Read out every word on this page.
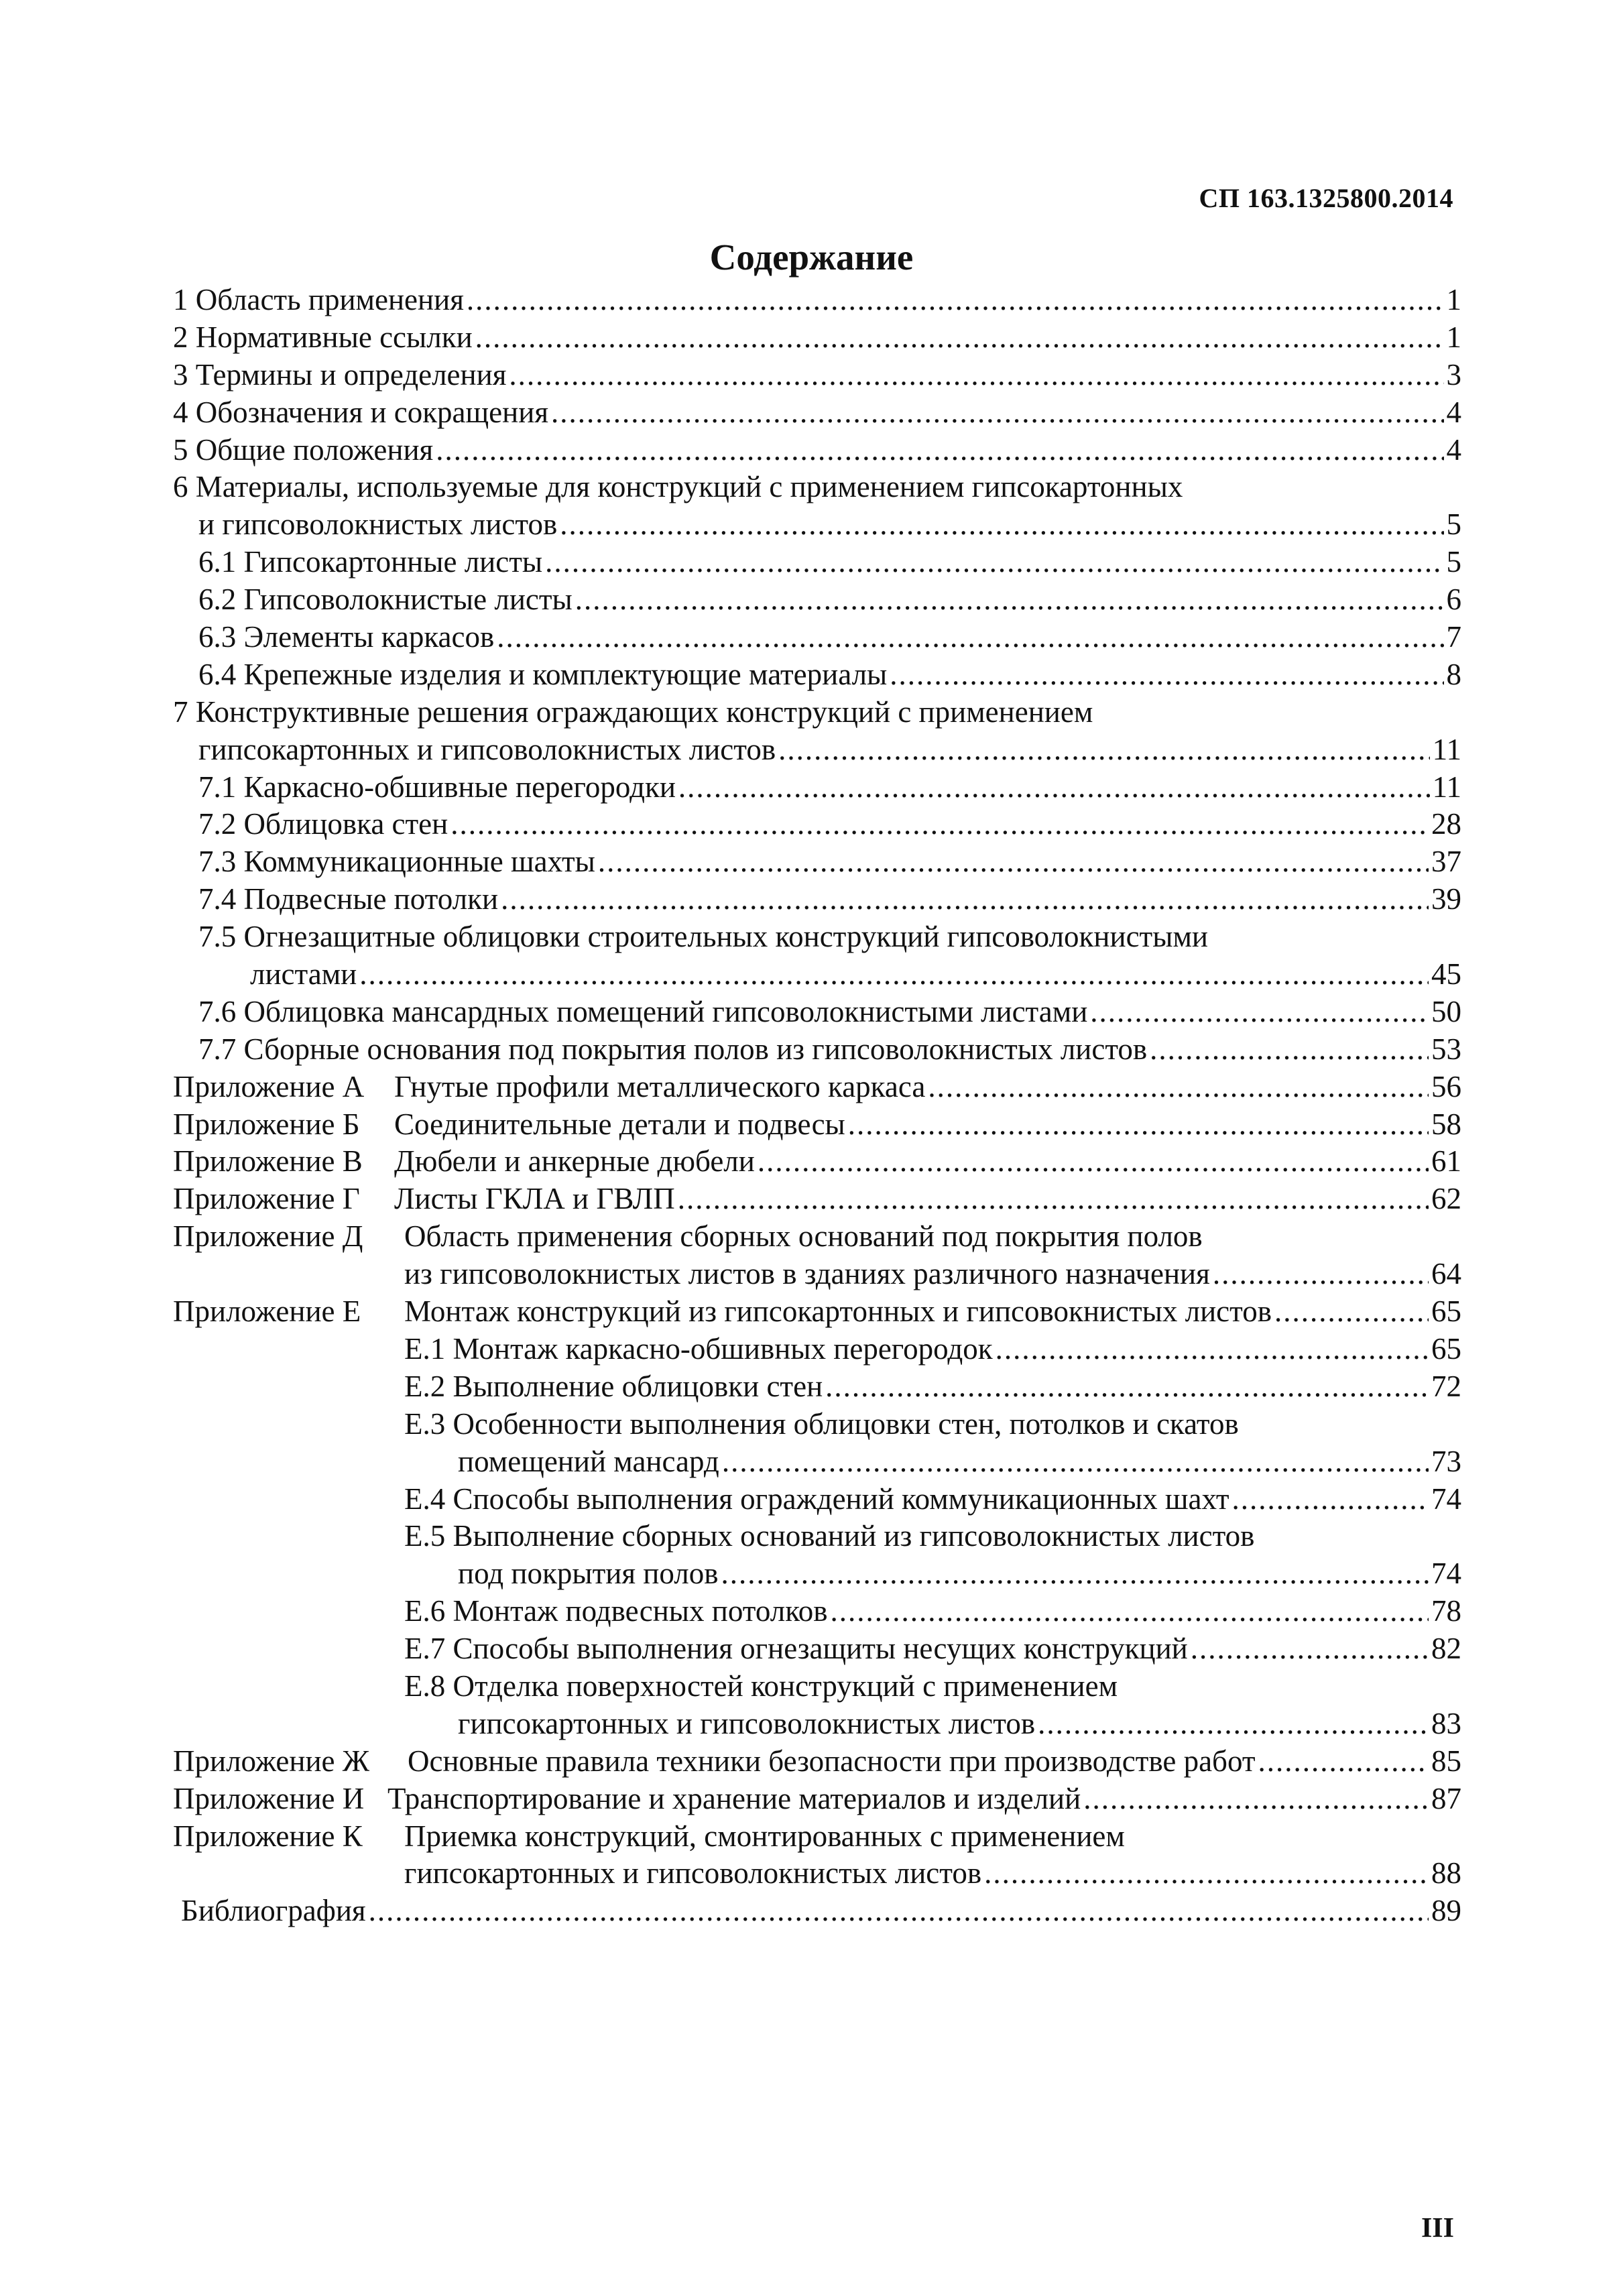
СП 163.1325800.2014
Содержание
1 Область применения .....	1
2 Нормативные ссылки .....	1
3 Термины и определения .....	3
4 Обозначения и сокращения .....	4
5 Общие положения .....	4
6 Материалы, используемые для конструкций с применением гипсокартонных
и гипсоволокнистых листов .....	5
6.1 Гипсокартонные листы .....	5
6.2 Гипсоволокнистые листы .....	6
6.3 Элементы каркасов .....	7
6.4 Крепежные изделия и комплектующие материалы .....	8
7 Конструктивные решения ограждающих конструкций с применением
гипсокартонных и гипсоволокнистых листов .....	11
7.1 Каркасно-обшивные перегородки .....	11
7.2 Облицовка стен .....	28
7.3 Коммуникационные шахты .....	37
7.4 Подвесные потолки .....	39
7.5 Огнезащитные облицовки строительных конструкций гипсоволокнистыми
листами .....	45
7.6 Облицовка мансардных помещений гипсоволокнистыми листами .....	50
7.7 Сборные основания под покрытия полов из гипсоволокнистых листов .....	53
Приложение А Гнутые профили металлического каркаса .....	56
Приложение Б	Соединительные детали и подвесы .....	58
Приложение В	Дюбели и анкерные дюбели .....	61
Приложение Г	Листы ГКЛА и ГВЛП .....	62
Приложение Д Область применения сборных оснований под покрытия полов
из гипсоволокнистых листов в зданиях различного назначения .....	64
Приложение Е	Монтаж конструкций из гипсокартонных и гипсовокнистых листов .....	65
Е.1 Монтаж каркасно-обшивных перегородок .....	65
Е.2 Выполнение облицовки стен .....	72
Е.3 Особенности выполнения облицовки стен, потолков и скатов
помещений мансард .....	73
Е.4 Способы выполнения ограждений коммуникационных шахт .....	74
Е.5 Выполнение сборных оснований из гипсоволокнистых листов
под покрытия полов .....	74
Е.6 Монтаж подвесных потолков .....	78
Е.7 Способы выполнения огнезащиты несущих конструкций .....	82
Е.8 Отделка поверхностей конструкций с применением
гипсокартонных и гипсоволокнистых листов .....	83
Приложение Ж	Основные правила техники безопасности при производстве работ .....	85
Приложение И Транспортирование и хранение материалов и изделий .....	87
Приложение К Приемка конструкций, смонтированных с применением
гипсокартонных и гипсоволокнистых листов .....	88
Библиография .....	89
III
